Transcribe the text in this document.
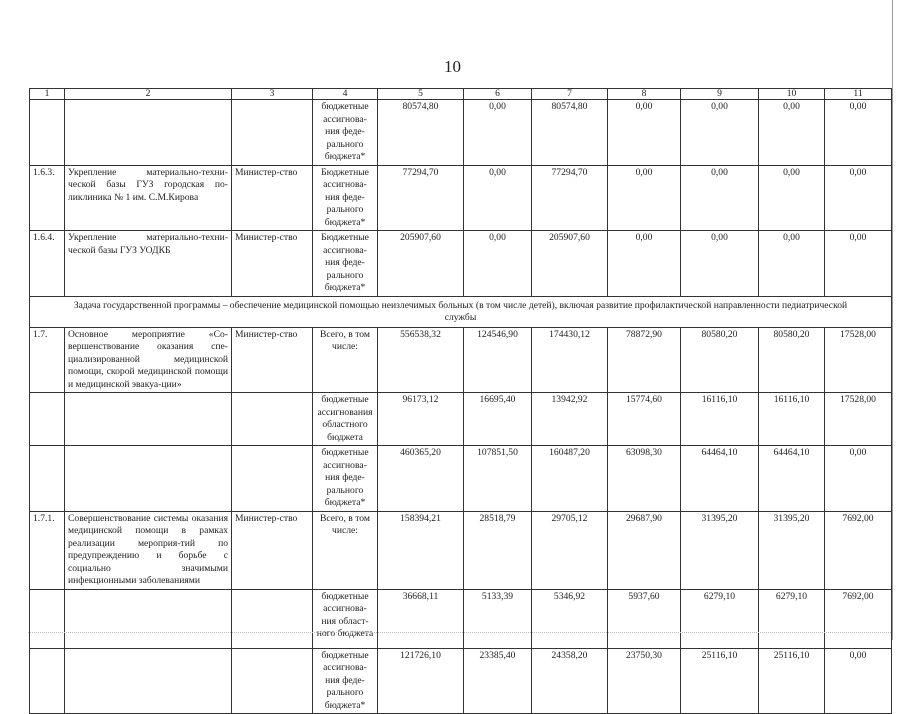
10
1	2	3	4	5	6	7	8	9	10	11
			бюджетные ассигнова-ния феде-рального бюджета*	80574,80	0,00	80574,80	0,00	0,00	0,00	0,00
1.6.3.	Укрепление материально-техни-ческой базы ГУЗ городская по-ликлиника № 1 им. С.М.Кирова	Министер-ство	Бюджетные ассигнова-ния феде-рального бюджета*	77294,70	0,00	77294,70	0,00	0,00	0,00	0,00
1.6.4.	Укрепление материально-техни-ческой базы ГУЗ УОДКБ	Министер-ство	Бюджетные ассигнова-ния феде-рального бюджета*	205907,60	0,00	205907,60	0,00	0,00	0,00	0,00
Задача государственной программы – обеспечение медицинской помощью неизлечимых больных (в том числе детей), включая развитие профилактической направленности педиатрической службы										
1.7.	Основное мероприятие «Со-вершенствование оказания спе-циализированной медицинской помощи, скорой медицинской помощи и медицинской эвакуа-ции»	Министер-ство	Всего, в том числе:	556538,32	124546,90	174430,12	78872,90	80580,20	80580,20	17528,00
			бюджетные ассигнования областного бюджета	96173,12	16695,40	13942,92	15774,60	16116,10	16116,10	17528,00
			бюджетные ассигнова-ния феде-рального бюджета*	460365,20	107851,50	160487,20	63098,30	64464,10	64464,10	0,00
1.7.1.	Совершенствование системы оказания медицинской помощи в рамках реализации мероприя-тий по предупреждению и борьбе с социально значимыми инфекционными заболеваниями	Министер-ство	Всего, в том числе:	158394,21	28518,79	29705,12	29687,90	31395,20	31395,20	7692,00
			бюджетные ассигнова-ния област-ного бюджета	36668,11	5133,39	5346,92	5937,60	6279,10	6279,10	7692,00
			бюджетные ассигнова-ния феде-рального бюджета*	121726,10	23385,40	24358,20	23750,30	25116,10	25116,10	0,00
